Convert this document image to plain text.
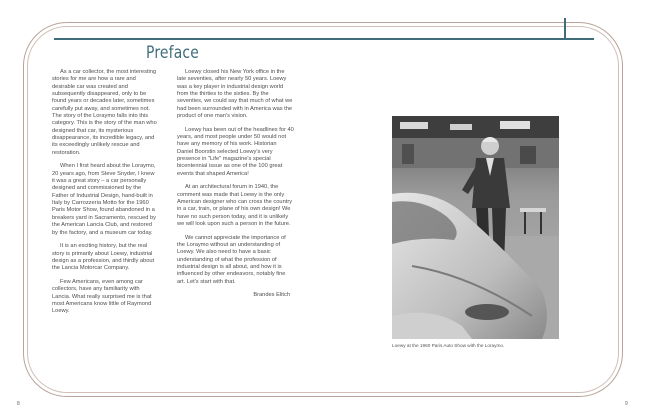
Preface

As a car collector, the most interesting stories for me are how a rare and desirable car was created and subsequently disappeared, only to be found years or decades later, sometimes carefully put away, and sometimes not. The story of the Loraymo falls into this category. This is the story of the man who designed that car, its mysterious disappearance, its incredible legacy, and its exceedingly unlikely rescue and restoration.

When I first heard about the Loraymo, 20 years ago, from Steve Snyder, I knew it was a great story – a car personally designed and commissioned by the Father of Industrial Design, hand-built in Italy by Carrozzeria Motto for the 1960 Paris Motor Show, found abandoned in a breakers yard in Sacramento, rescued by the American Lancia Club, and restored by the factory, and a museum car today.

It is an exciting history, but the real story is primarily about Loewy, industrial design as a profession, and thirdly about the Lancia Motorcar Company.

Few Americans, even among car collectors, have any familiarity with Lancia. What really surprised me is that most Americans know little of Raymond Loewy.

Loewy closed his New York office in the late seventies, after nearly 50 years. Loewy was a key player in industrial design world from the thirties to the sixties. By the seventies, we could say that much of what we had been surrounded with in America was the product of one man's vision.

Loewy has been out of the headlines for 40 years, and most people under 50 would not have any memory of his work. Historian Daniel Boorstin selected Loewy's very presence in "Life" magazine's special bicentennial issue as one of the 100 great events that shaped America!

At an architectural forum in 1940, the comment was made that Loewy is the only American designer who can cross the country in a car, train, or plane of his own design! We have no such person today, and it is unlikely we will look upon such a person in the future.

We cannot appreciate the importance of the Loraymo without an understanding of Loewy. We also need to have a basic understanding of what the profession of industrial design is all about, and how it is influenced by other endeavors, notably fine art. Let's start with that.

Brandes Elitch

Loewy at the 1960 Paris Auto Show with the Loraymo.
8	9
